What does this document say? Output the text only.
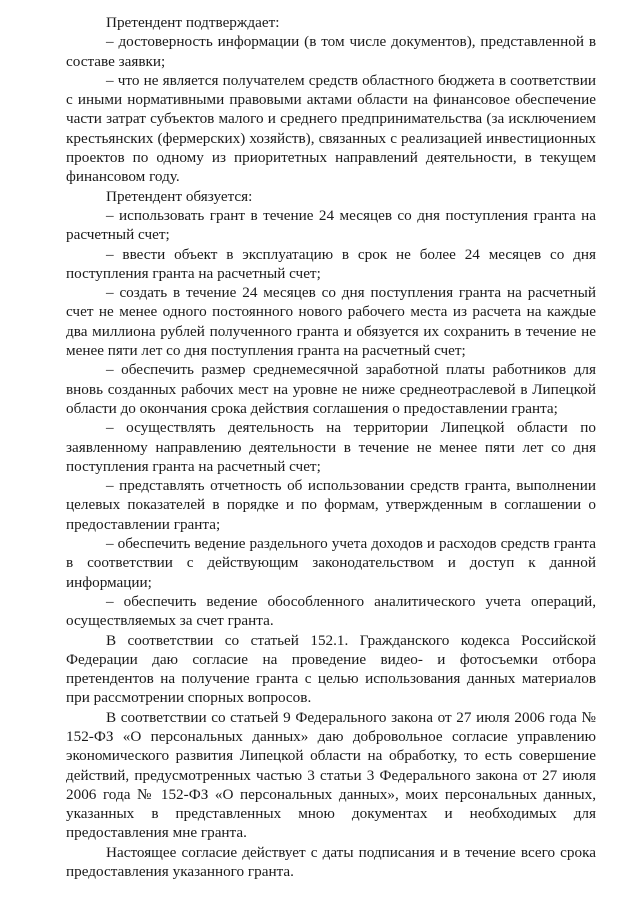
Претендент подтверждает:

– достоверность информации (в том числе документов), представленной в составе заявки;

– что не является получателем средств областного бюджета в соответствии с иными нормативными правовыми актами области на финансовое обеспечение части затрат субъектов малого и среднего предпринимательства (за исключением крестьянских (фермерских) хозяйств), связанных с реализацией инвестиционных проектов по одному из приоритетных направлений деятельности, в текущем финансовом году.

Претендент обязуется:

– использовать грант в течение 24 месяцев со дня поступления гранта на расчетный счет;

– ввести объект в эксплуатацию в срок не более 24 месяцев со дня поступления гранта на расчетный счет;

– создать в течение 24 месяцев со дня поступления гранта на расчетный счет не менее одного постоянного нового рабочего места из расчета на каждые два миллиона рублей полученного гранта и обязуется их сохранить в течение не менее пяти лет со дня поступления гранта на расчетный счет;

– обеспечить размер среднемесячной заработной платы работников для вновь созданных рабочих мест на уровне не ниже среднеотраслевой в Липецкой области до окончания срока действия соглашения о предоставлении гранта;

– осуществлять деятельность на территории Липецкой области по заявленному направлению деятельности в течение не менее пяти лет со дня поступления гранта на расчетный счет;

– представлять отчетность об использовании средств гранта, выполнении целевых показателей в порядке и по формам, утвержденным в соглашении о предоставлении гранта;

– обеспечить ведение раздельного учета доходов и расходов средств гранта в соответствии с действующим законодательством и доступ к данной информации;

– обеспечить ведение обособленного аналитического учета операций, осуществляемых за счет гранта.

В соответствии со статьей 152.1. Гражданского кодекса Российской Федерации даю согласие на проведение видео- и фотосъемки отбора претендентов на получение гранта с целью использования данных материалов при рассмотрении спорных вопросов.

В соответствии со статьей 9 Федерального закона от 27 июля 2006 года № 152-ФЗ «О персональных данных» даю добровольное согласие управлению экономического развития Липецкой области на обработку, то есть совершение действий, предусмотренных частью 3 статьи 3 Федерального закона от 27 июля 2006 года № 152-ФЗ «О персональных данных», моих персональных данных, указанных в представленных мною документах и необходимых для предоставления мне гранта.

Настоящее согласие действует с даты подписания и в течение всего срока предоставления указанного гранта.
